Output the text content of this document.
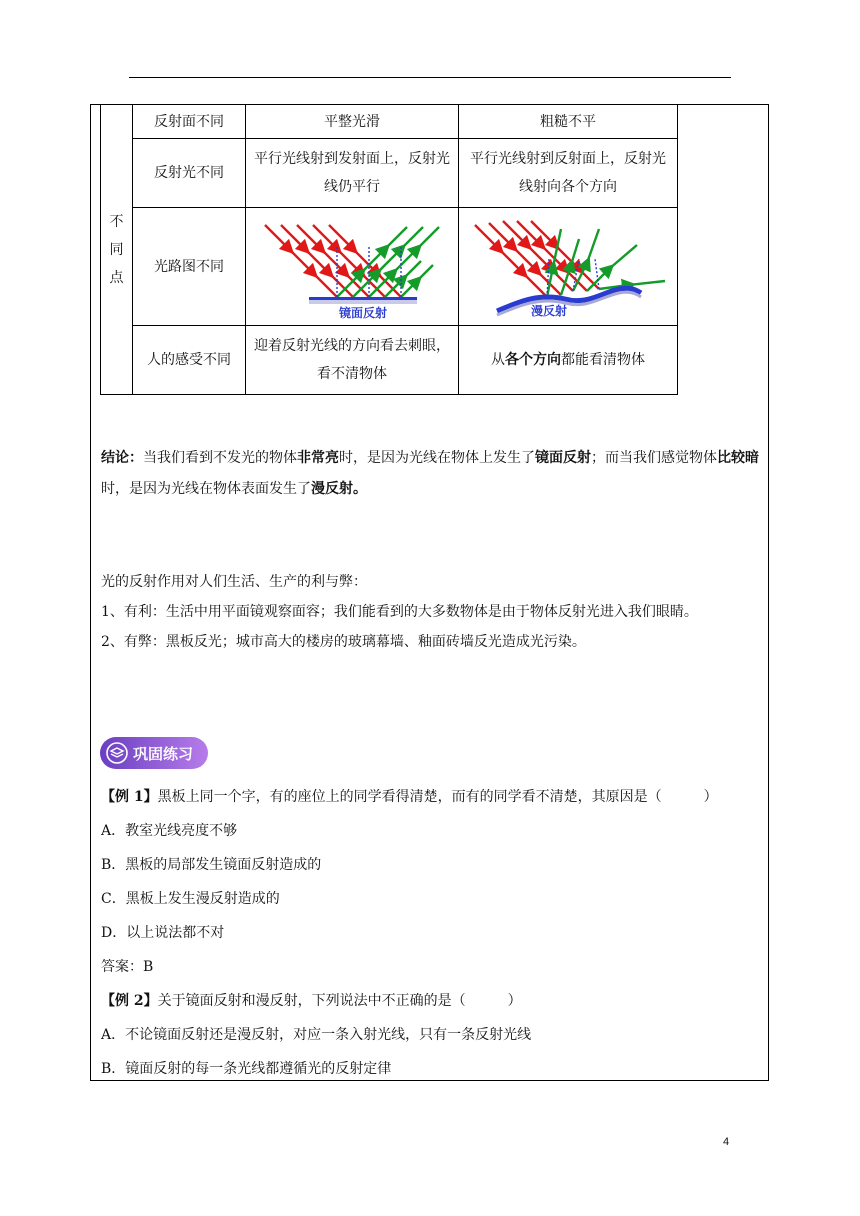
不
同
点	反射面不同	平整光滑	粗糙不平
	反射光不同	平行光线射到发射面上，反射光线仍平行	平行光线射到反射面上，反射光线射向各个方向
	光路图不同	镜面反射	漫反射

	人的感受不同	迎着反射光线的方向看去刺眼，看不清物体	从各个方向都能看清物体
结论：当我们看到不发光的物体非常亮时，是因为光线在物体上发生了镜面反射；而当我们感觉物体比较暗时，是因为光线在物体表面发生了漫反射。
光的反射作用对人们生活、生产的利与弊：
1、有利：生活中用平面镜观察面容；我们能看到的大多数物体是由于物体反射光进入我们眼睛。
2、有弊：黑板反光；城市高大的楼房的玻璃幕墙、釉面砖墙反光造成光污染。
巩固练习
【例 1】黑板上同一个字，有的座位上的同学看得清楚，而有的同学看不清楚，其原因是（　　　）
A．教室光线亮度不够
B．黑板的局部发生镜面反射造成的
C．黑板上发生漫反射造成的
D．以上说法都不对
答案：B
【例 2】关于镜面反射和漫反射，下列说法中不正确的是（　　　）
A．不论镜面反射还是漫反射，对应一条入射光线，只有一条反射光线
B．镜面反射的每一条光线都遵循光的反射定律
4
